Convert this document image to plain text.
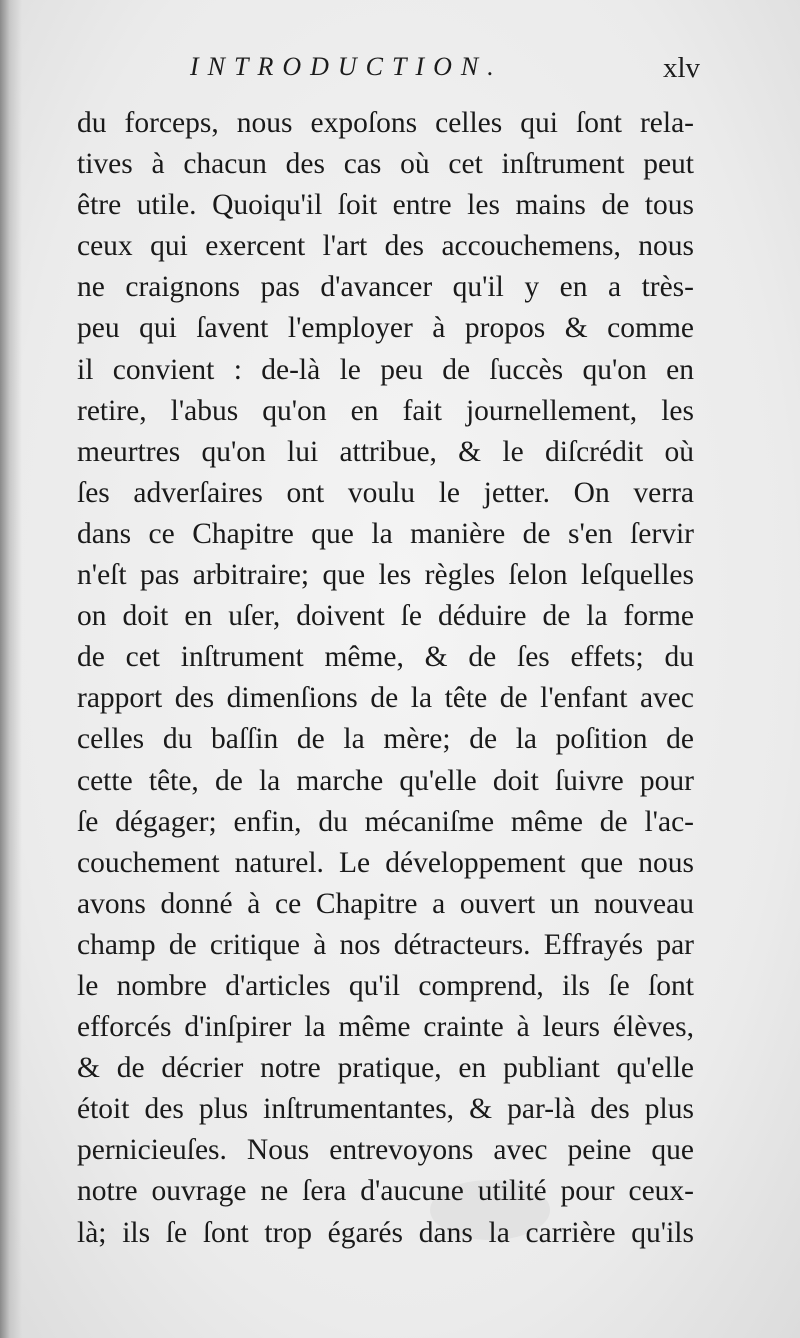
INTRODUCTION.	xlv
du forceps, nous expoſons celles qui ſont rela-
tives à chacun des cas où cet inſtrument peut
être utile. Quoiqu'il ſoit entre les mains de tous
ceux qui exercent l'art des accouchemens, nous
ne craignons pas d'avancer qu'il y en a très-
peu qui ſavent l'employer à propos & comme
il convient : de-là le peu de ſuccès qu'on en
retire, l'abus qu'on en fait journellement, les
meurtres qu'on lui attribue, & le diſcrédit où
ſes adverſaires ont voulu le jetter. On verra
dans ce Chapitre que la manière de s'en ſervir
n'eſt pas arbitraire; que les règles ſelon leſquelles
on doit en uſer, doivent ſe déduire de la forme
de cet inſtrument même, & de ſes effets; du
rapport des dimenſions de la tête de l'enfant avec
celles du baſſin de la mère; de la poſition de
cette tête, de la marche qu'elle doit ſuivre pour
ſe dégager; enfin, du mécaniſme même de l'ac-
couchement naturel. Le développement que nous
avons donné à ce Chapitre a ouvert un nouveau
champ de critique à nos détracteurs. Effrayés par
le nombre d'articles qu'il comprend, ils ſe ſont
efforcés d'inſpirer la même crainte à leurs élèves,
& de décrier notre pratique, en publiant qu'elle
étoit des plus inſtrumentantes, & par-là des plus
pernicieuſes. Nous entrevoyons avec peine que
notre ouvrage ne ſera d'aucune utilité pour ceux-
là; ils ſe ſont trop égarés dans la carrière qu'ils
